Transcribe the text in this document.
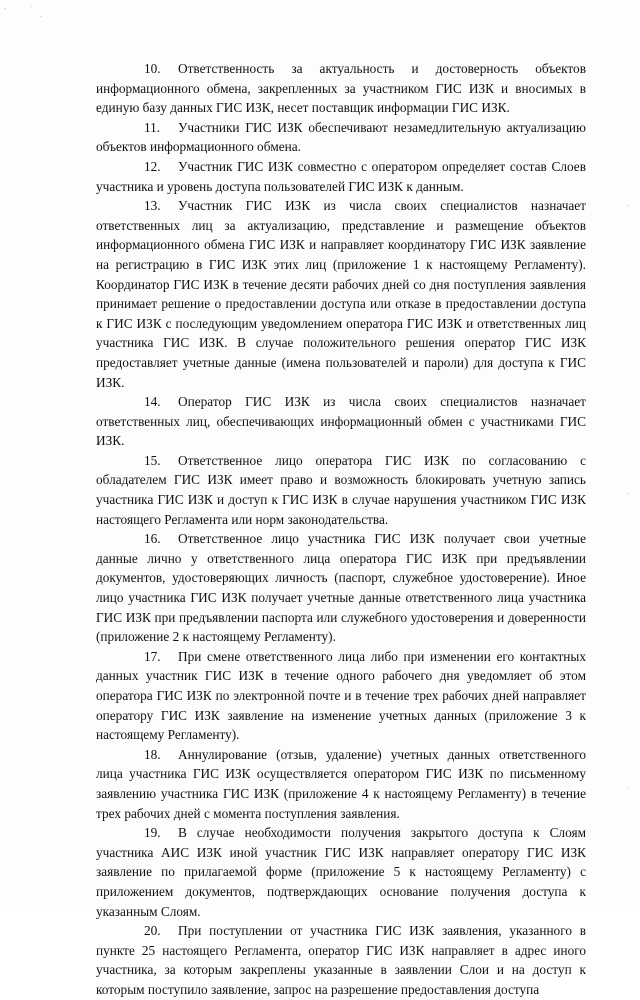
·	·
·
·
·
·

10. Ответственность за актуальность и достоверность объектов информационного обмена, закрепленных за участником ГИС ИЗК и вносимых в единую базу данных ГИС ИЗК, несет поставщик информации ГИС ИЗК.

11. Участники ГИС ИЗК обеспечивают незамедлительную актуализацию объектов информационного обмена.

12. Участник ГИС ИЗК совместно с оператором определяет состав Слоев участника и уровень доступа пользователей ГИС ИЗК к данным.

13. Участник ГИС ИЗК из числа своих специалистов назначает ответственных лиц за актуализацию, представление и размещение объектов информационного обмена ГИС ИЗК и направляет координатору ГИС ИЗК заявление на регистрацию в ГИС ИЗК этих лиц (приложение 1 к настоящему Регламенту). Координатор ГИС ИЗК в течение десяти рабочих дней со дня поступления заявления принимает решение о предоставлении доступа или отказе в предоставлении доступа к ГИС ИЗК с последующим уведомлением оператора ГИС ИЗК и ответственных лиц участника ГИС ИЗК. В случае положительного решения оператор ГИС ИЗК предоставляет учетные данные (имена пользователей и пароли) для доступа к ГИС ИЗК.

14. Оператор ГИС ИЗК из числа своих специалистов назначает ответственных лиц, обеспечивающих информационный обмен с участниками ГИС ИЗК.

15. Ответственное лицо оператора ГИС ИЗК по согласованию с обладателем ГИС ИЗК имеет право и возможность блокировать учетную запись участника ГИС ИЗК и доступ к ГИС ИЗК в случае нарушения участником ГИС ИЗК настоящего Регламента или норм законодательства.

16. Ответственное лицо участника ГИС ИЗК получает свои учетные данные лично у ответственного лица оператора ГИС ИЗК при предъявлении документов, удостоверяющих личность (паспорт, служебное удостоверение). Иное лицо участника ГИС ИЗК получает учетные данные ответственного лица участника ГИС ИЗК при предъявлении паспорта или служебного удостоверения и доверенности (приложение 2 к настоящему Регламенту).

17. При смене ответственного лица либо при изменении его контактных данных участник ГИС ИЗК в течение одного рабочего дня уведомляет об этом оператора ГИС ИЗК по электронной почте и в течение трех рабочих дней направляет оператору ГИС ИЗК заявление на изменение учетных данных (приложение 3 к настоящему Регламенту).

18. Аннулирование (отзыв, удаление) учетных данных ответственного лица участника ГИС ИЗК осуществляется оператором ГИС ИЗК по письменному заявлению участника ГИС ИЗК (приложение 4 к настоящему Регламенту) в течение трех рабочих дней с момента поступления заявления.

19. В случае необходимости получения закрытого доступа к Слоям участника АИС ИЗК иной участник ГИС ИЗК направляет оператору ГИС ИЗК заявление по прилагаемой форме (приложение 5 к настоящему Регламенту) с приложением документов, подтверждающих основание получения доступа к указанным Слоям.

20. При поступлении от участника ГИС ИЗК заявления, указанного в пункте 25 настоящего Регламента, оператор ГИС ИЗК направляет в адрес иного участника, за которым закреплены указанные в заявлении Слои и на доступ к которым поступило заявление, запрос на разрешение предоставления доступа
